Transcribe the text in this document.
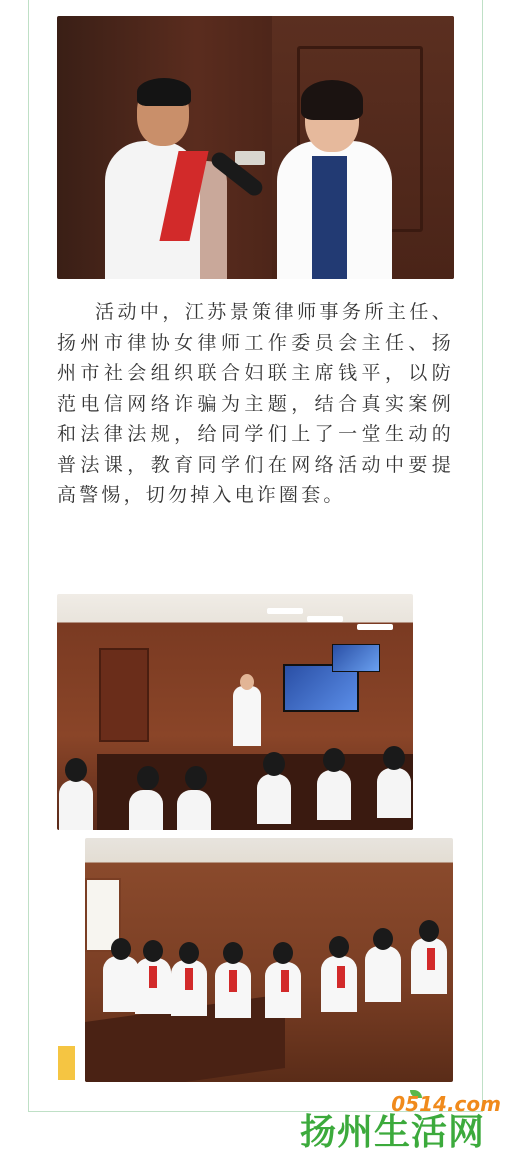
活动中，江苏景策律师事务所主任、扬州市律协女律师工作委员会主任、扬州市社会组织联合妇联主席钱平，以防范电信网络诈骗为主题，结合真实案例和法律法规，给同学们上了一堂生动的普法课，教育同学们在网络活动中要提高警惕，切勿掉入电诈圈套。

0514.com
扬州生活网
